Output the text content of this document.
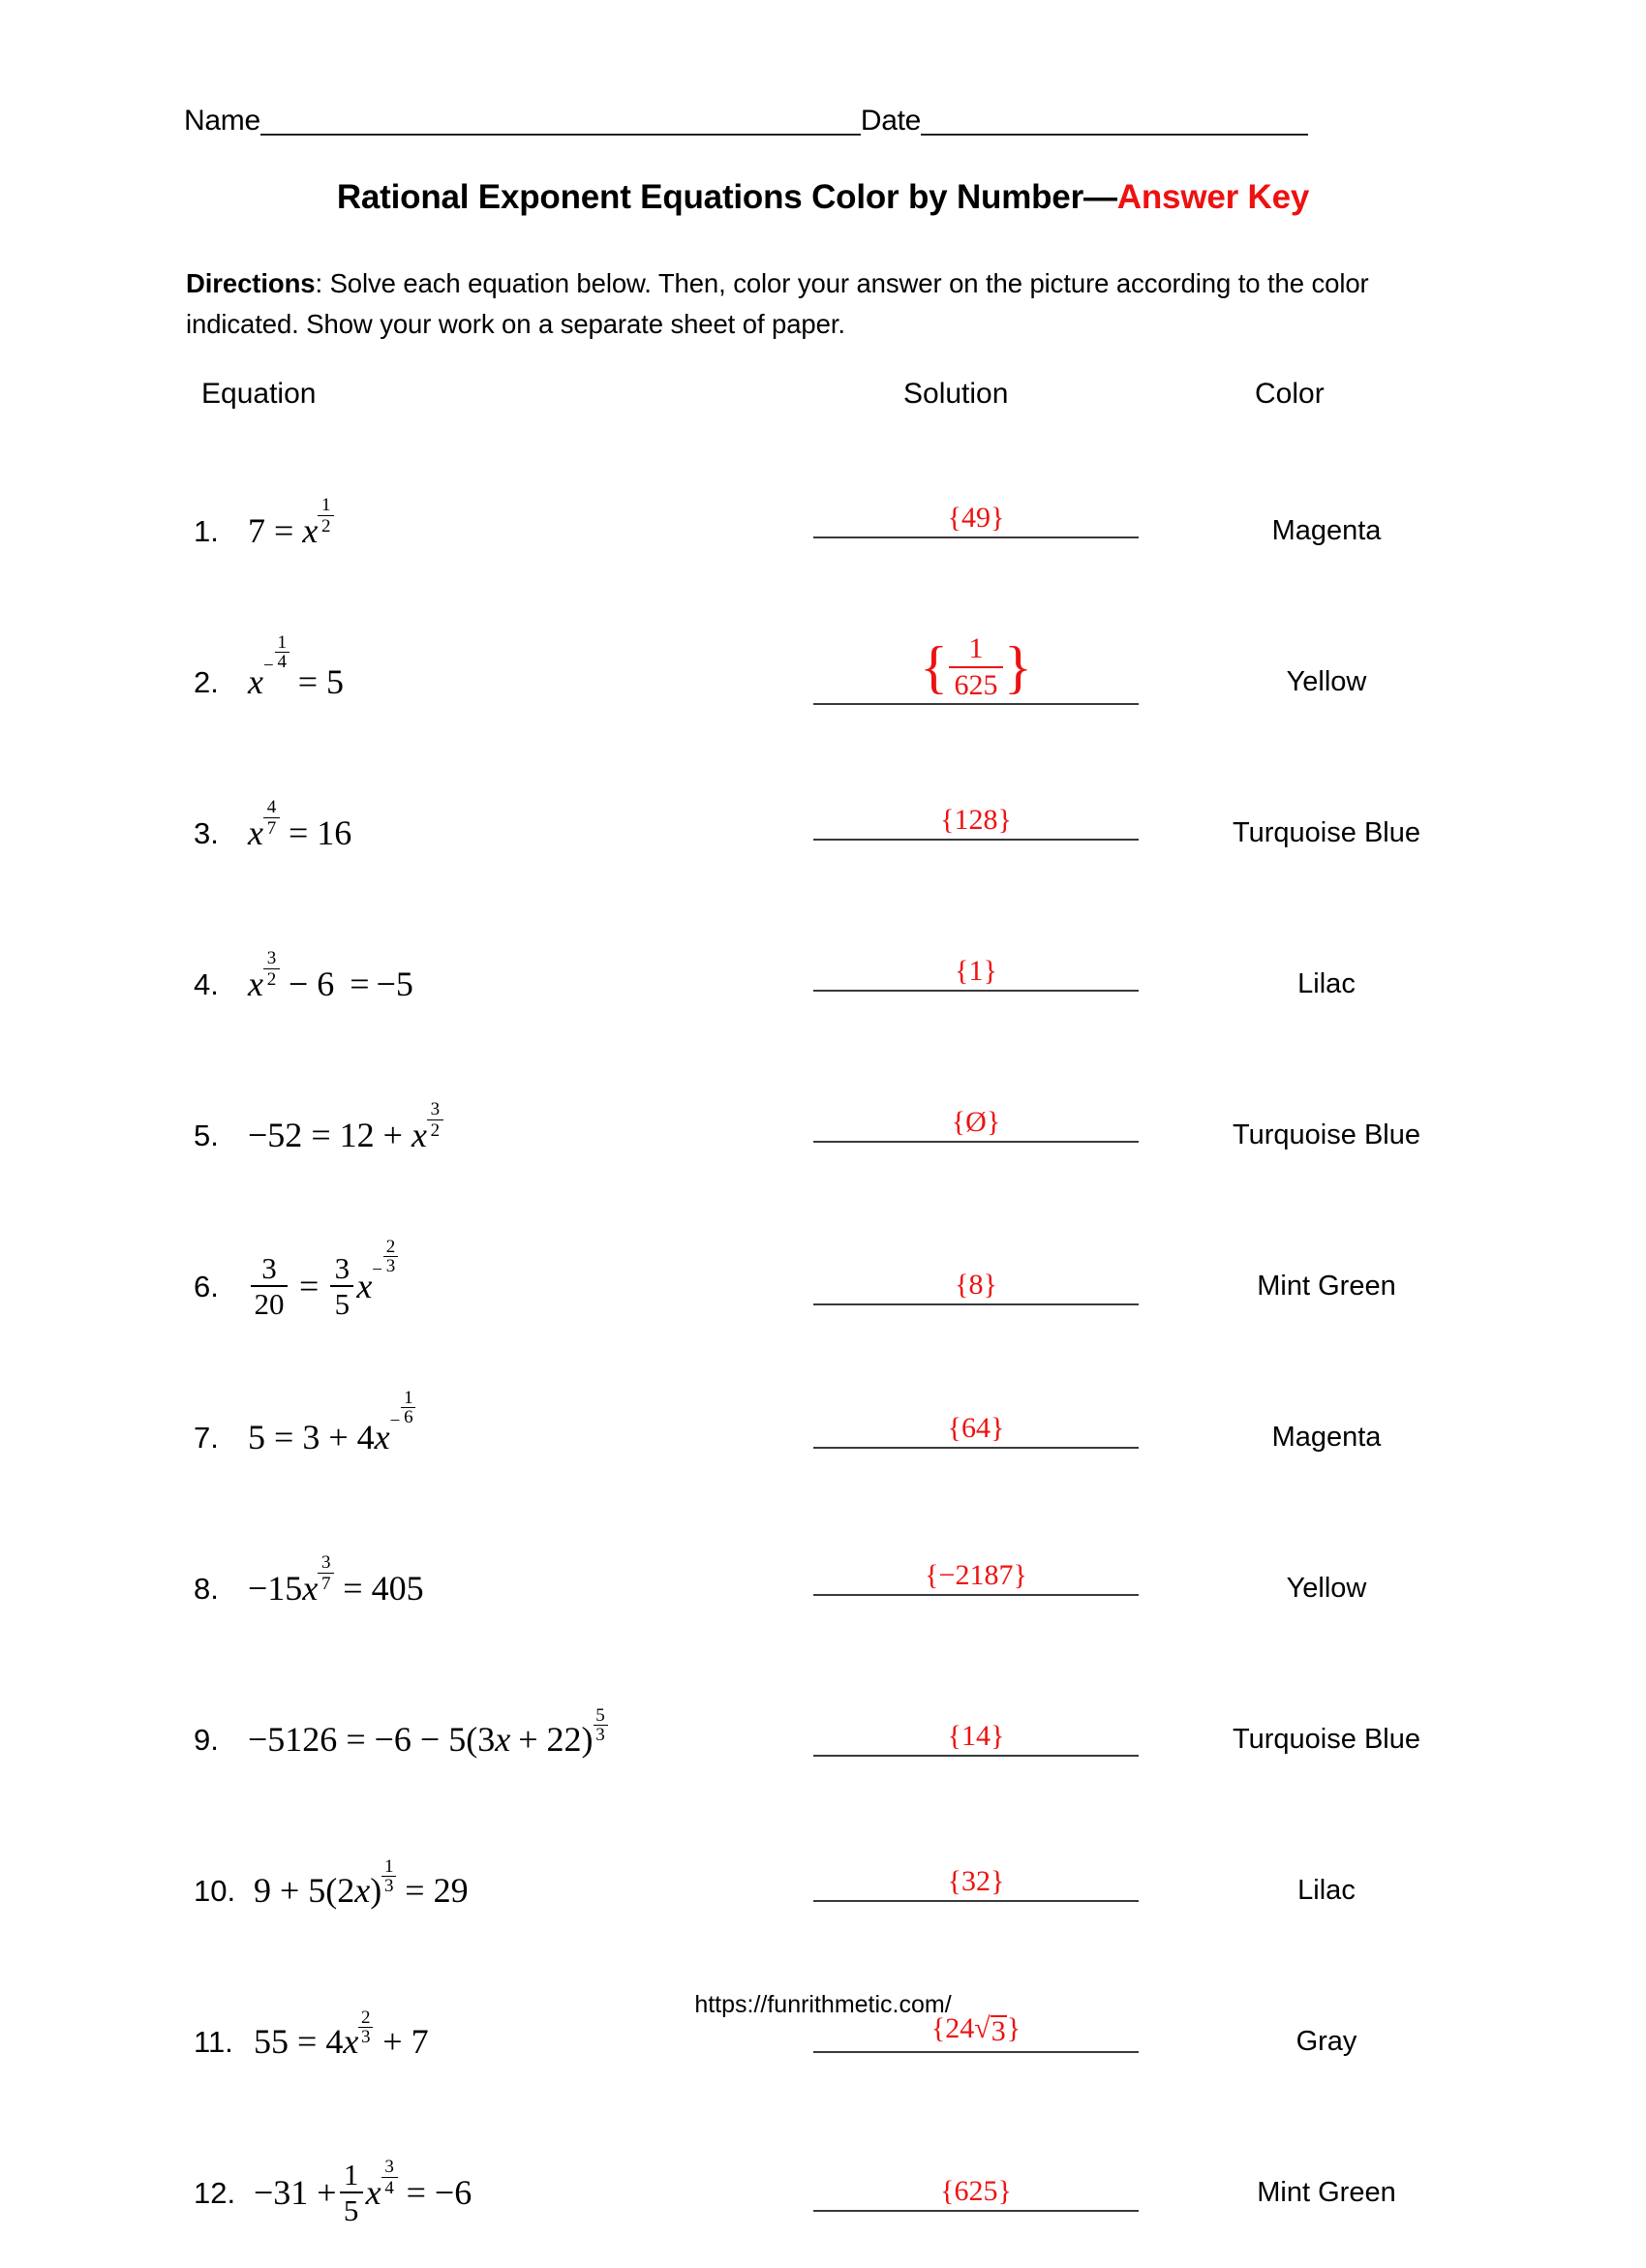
Name	Date
Rational Exponent Equations Color by Number—Answer Key
Directions: Solve each equation below. Then, color your answer on the picture according to the color indicated. Show your work on a separate sheet of paper.
Equation	Solution	Color
1. 7 = x
1
2	{49}	Magenta
2. x −
1
4
= 5	{ 1
625 }	Yellow
3. x
4
7 = 16	{128}	Turquoise Blue
4. x
3
2 − 6 = −5	{1}	Lilac
5. −52 = 12 + x
3
2	{Ø}	Turquoise Blue
6.
3
20 = 3
5 x −
2
3
{8}	Mint Green
7. 5 = 3 + 4 x −
1
6	{64}	Magenta
8. −15 x
3
7 = 405	{−2187}	Yellow
9. −5126 = −6 − 5(3 x + 22)
5
3	{14}	Turquoise Blue
10. 9 + 5(2 x )
1
3 = 29	{32}	Lilac
11. 55 = 4 x
2
3 + 7	{24 √ 3 }	Gray
12. −31 + 1
5 x
3
4 = −6	{625}	Mint Green
https://funrithmetic.com/
